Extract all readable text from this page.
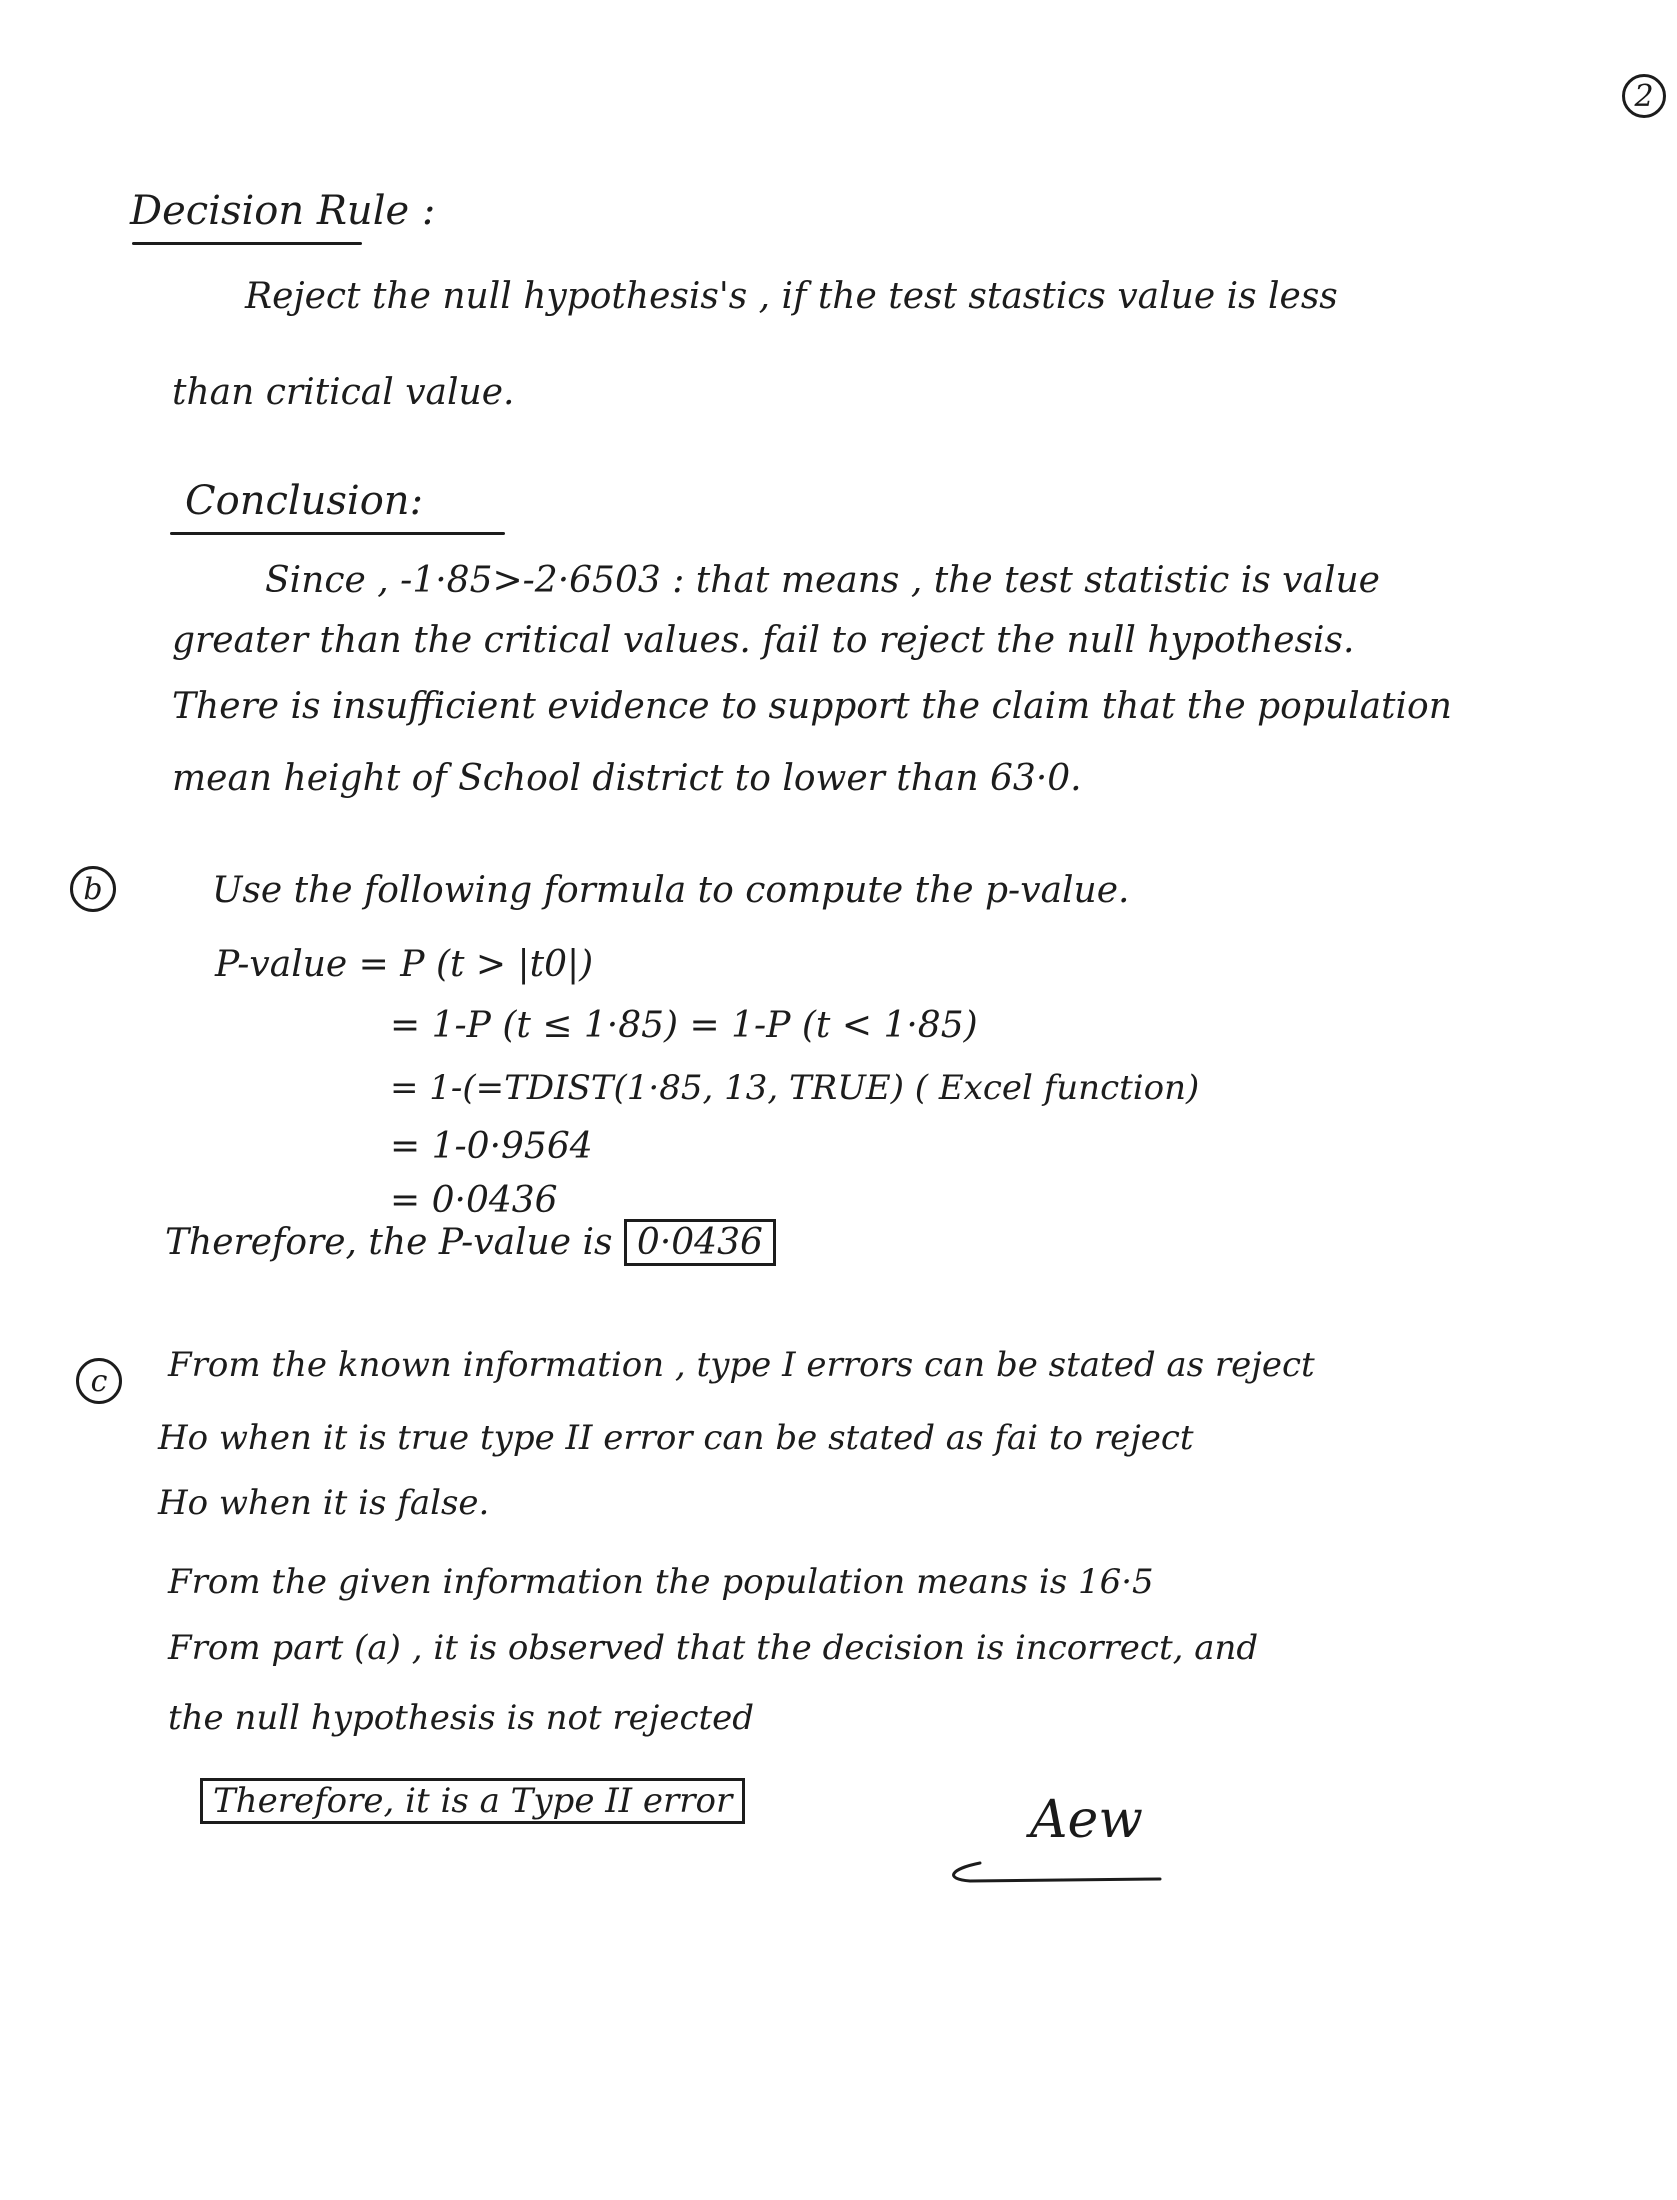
2
Decision Rule :
Reject the null hypothesis's , if the test stastics value is less
than critical value.
Conclusion:
Since , -1·85>-2·6503 : that means , the test statistic is value
greater than the critical values. fail to reject the null hypothesis.
There is insufficient evidence to support the claim that the population
mean height of School district to lower than 63·0.
b	Use the following formula to compute the p-value.
P-value = P (t > |t0|)
= 1-P (t ≤ 1·85) = 1-P (t < 1·85)
= 1-(=TDIST(1·85, 13, TRUE) ( Excel function)
= 1-0·9564
= 0·0436
Therefore, the P-value is 0·0436
c From the known information , type I errors can be stated as reject
Ho when it is true type II error can be stated as fai to reject
Ho when it is false.
From the given information the population means is 16·5
From part (a) , it is observed that the decision is incorrect, and
the null hypothesis is not rejected
Therefore, it is a Type II error	Aew
